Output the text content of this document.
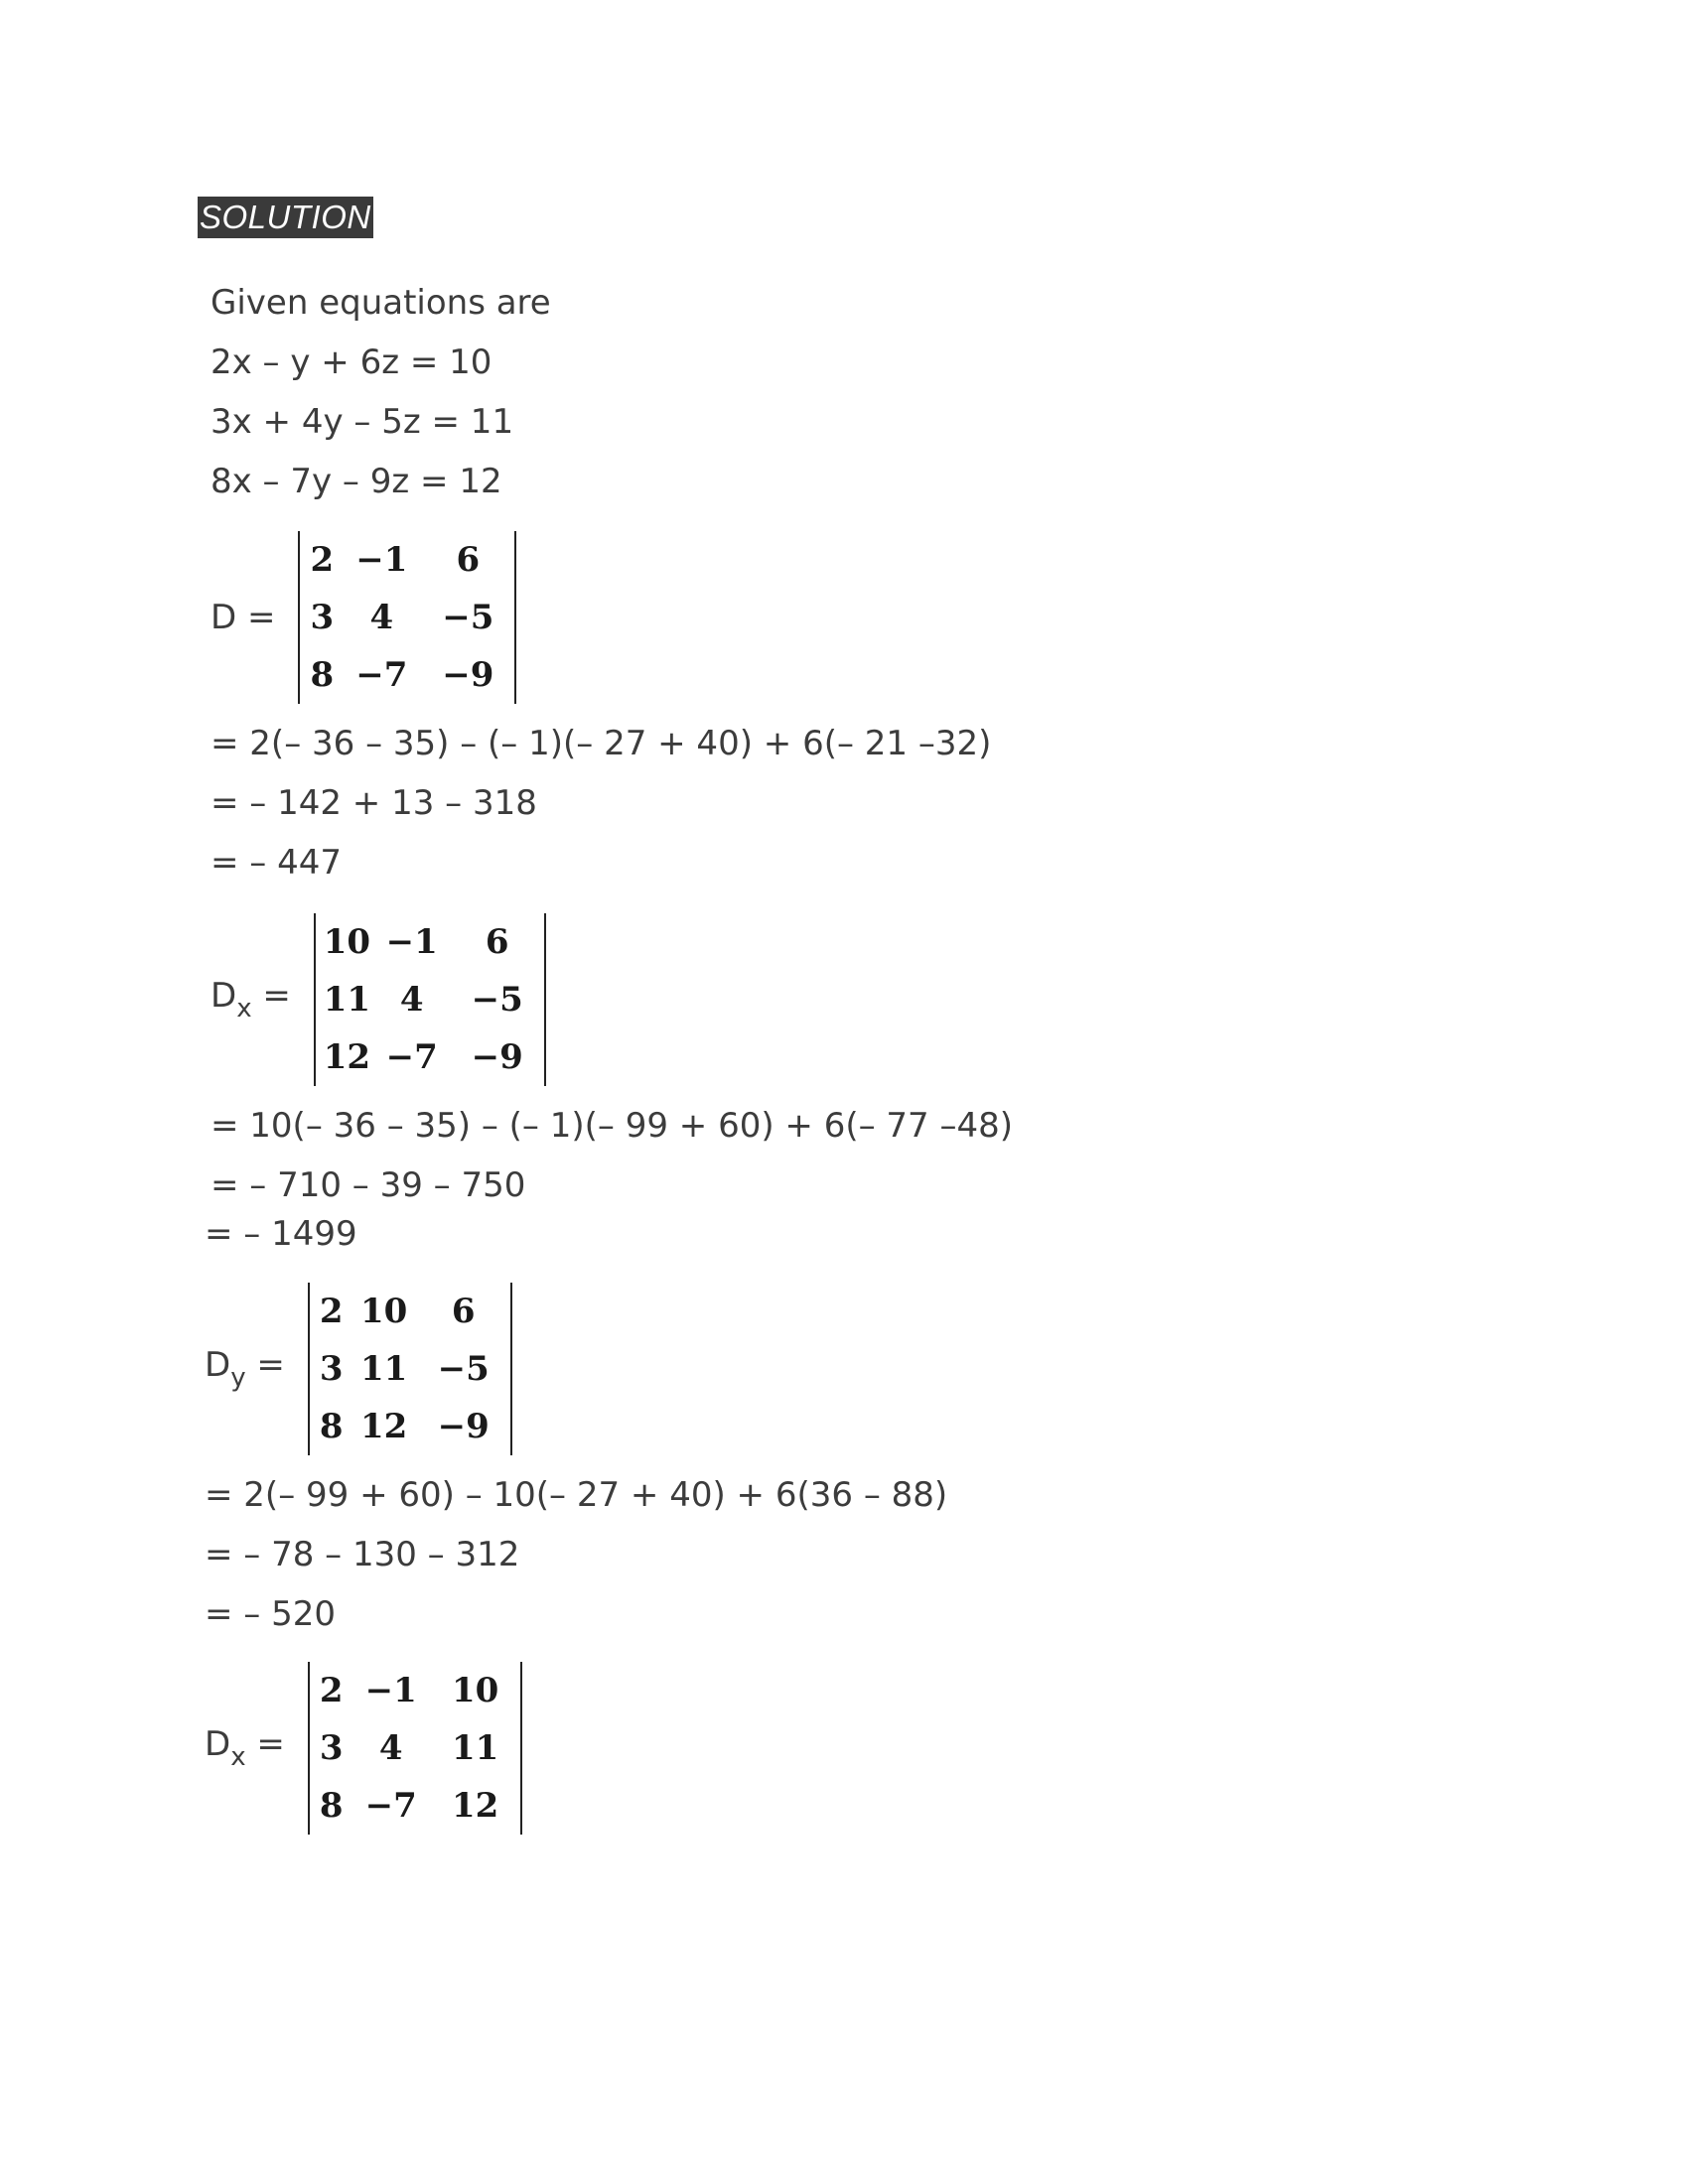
SOLUTION
Given equations are
2x – y + 6z = 10
3x + 4y – 5z = 11
8x – 7y – 9z = 12
D =
2 −1	6
3	4	−5
8 −7	−9
= 2(– 36 – 35) – (– 1)(– 27 + 40) + 6(– 21 –32)
= – 142 + 13 – 318
= – 447
$D_x$ =
10 −1	6
11 4	−5
12 −7 −9
= 10(– 36 – 35) – (– 1)(– 99 + 60) + 6(– 77 –48)
= – 710 – 39 – 750
= – 1499
$D_y$ =
2 10	6
3 11 −5
8 12 −9
= 2(– 99 + 60) – 10(– 27 + 40) + 6(36 – 88)
= – 78 – 130 – 312
= – 520
$D_x$ =
2 −1	10
3	4	11
8 −7	12
